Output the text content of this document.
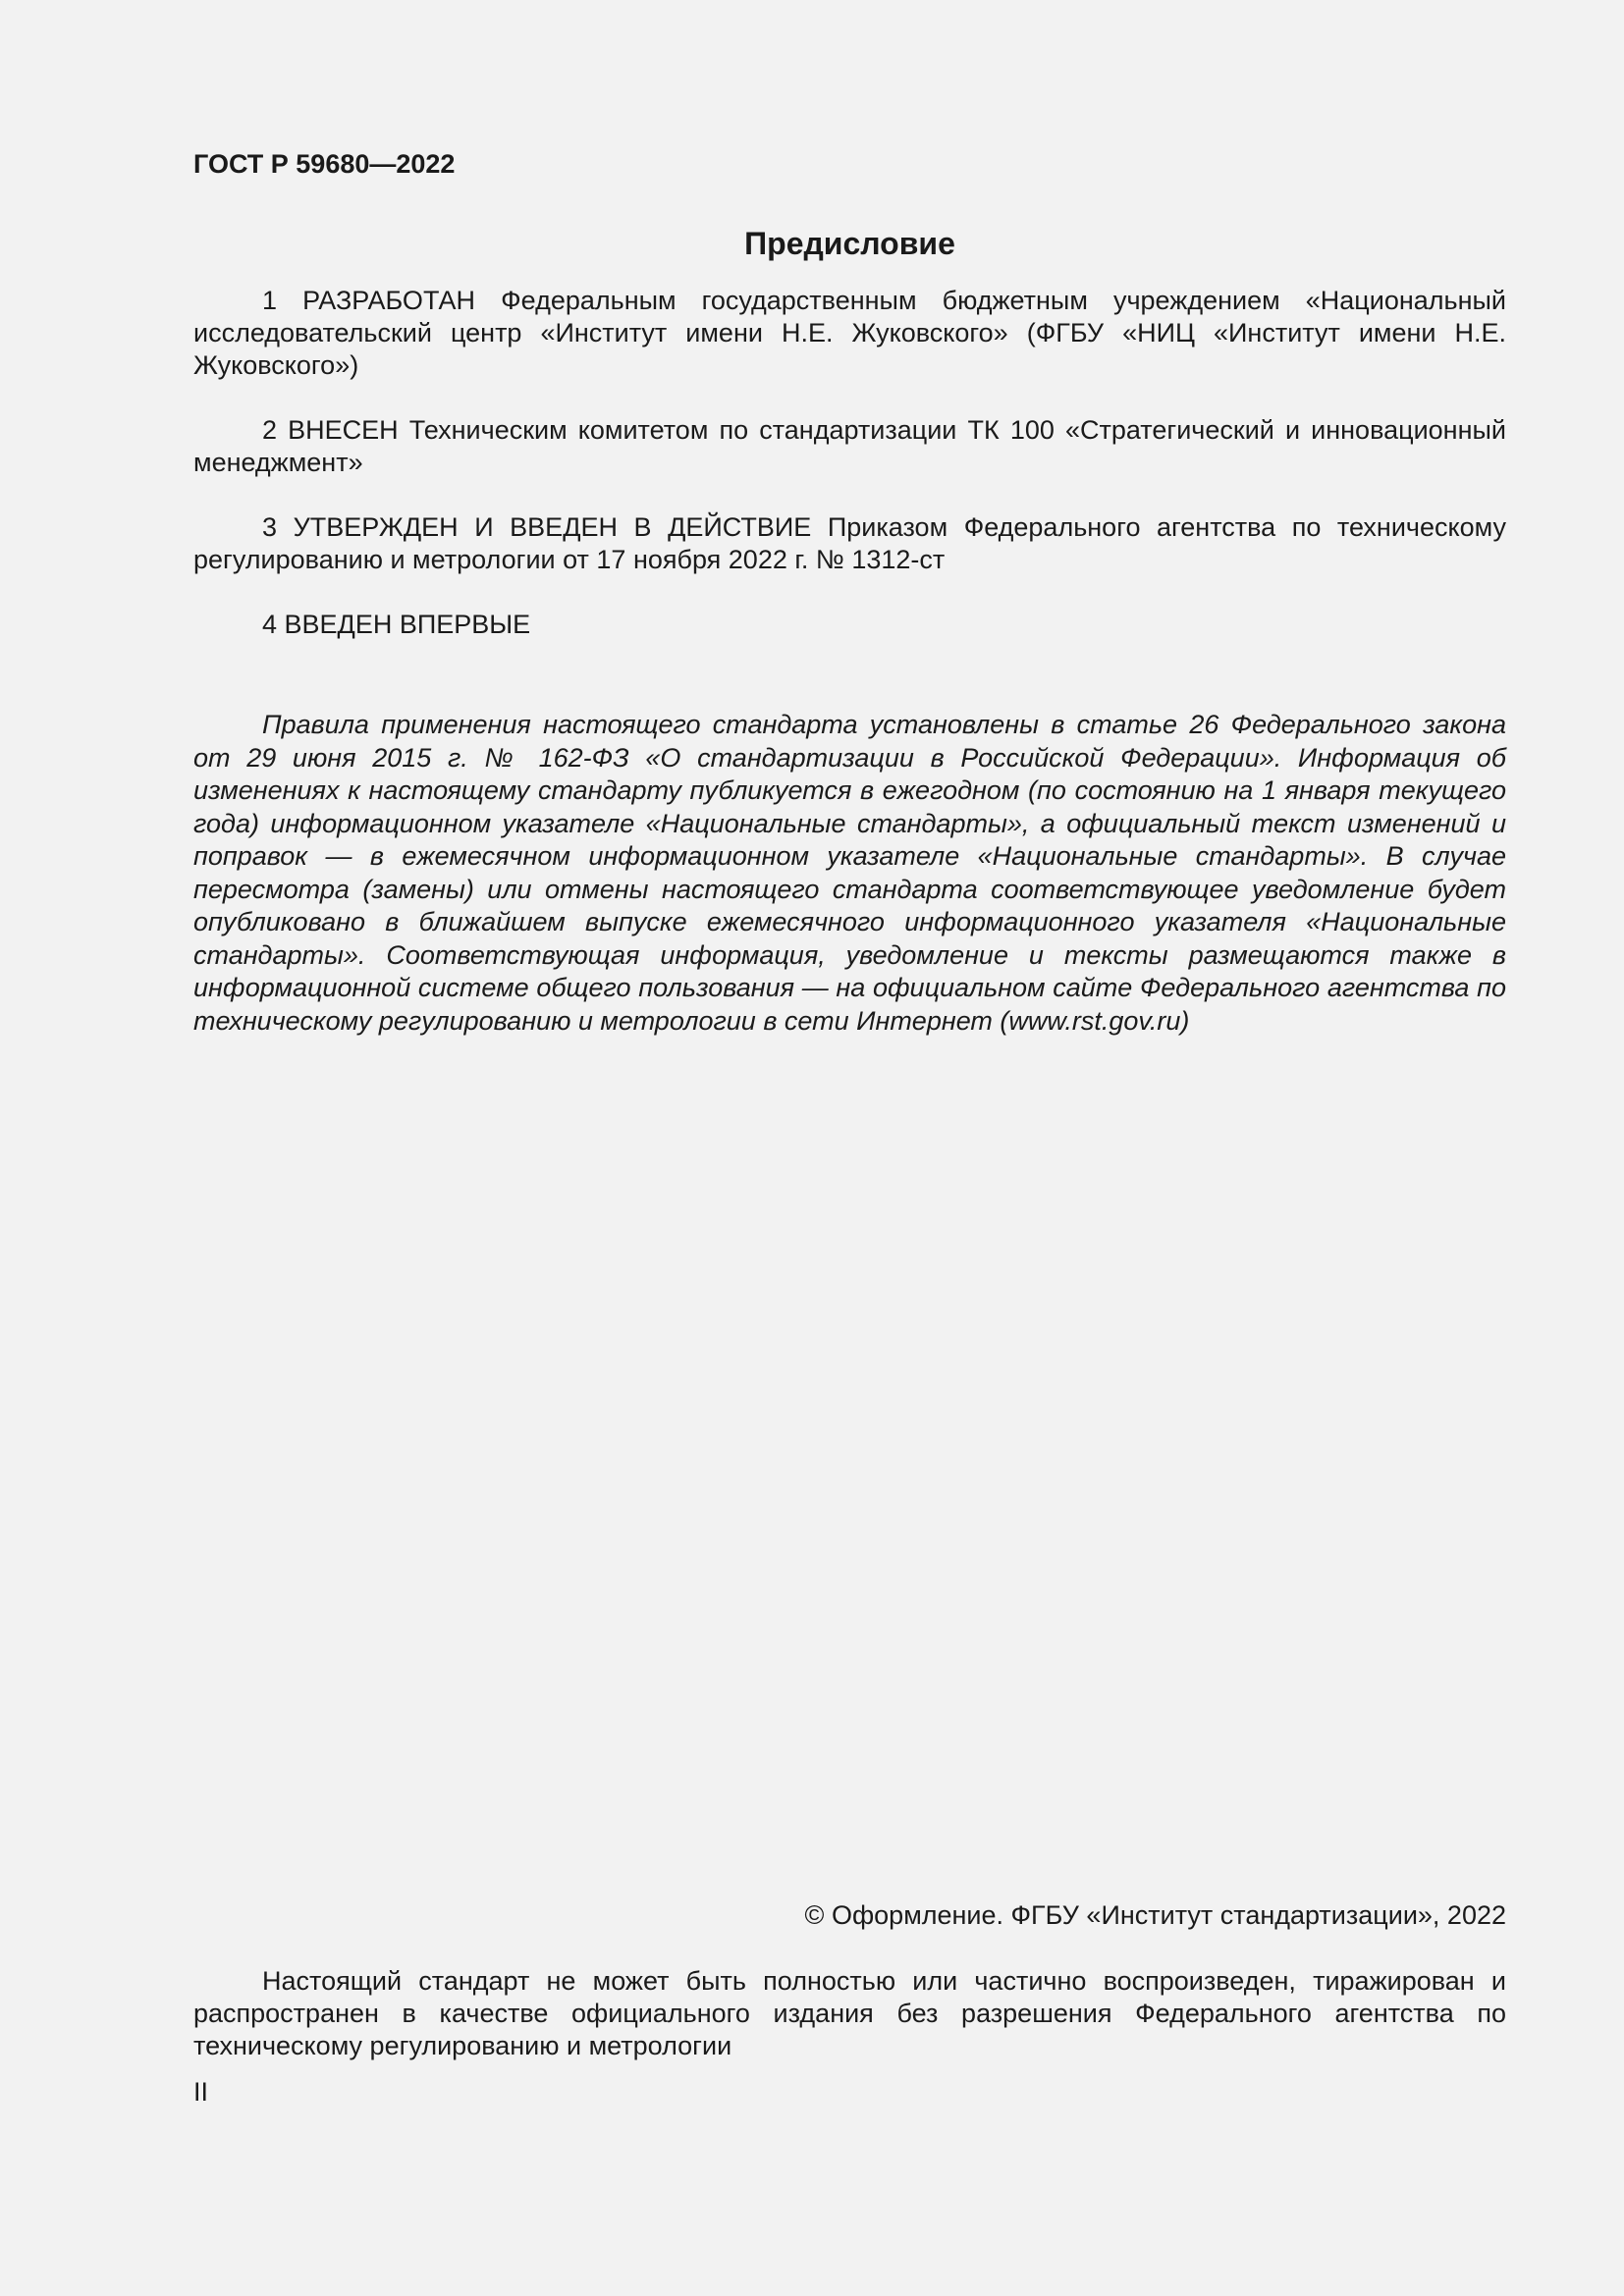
ГОСТ Р 59680—2022
Предисловие

1 РАЗРАБОТАН Федеральным государственным бюджетным учреждением «Национальный исследовательский центр «Институт имени Н.Е. Жуковского» (ФГБУ «НИЦ «Институт имени Н.Е. Жуковского»)

2 ВНЕСЕН Техническим комитетом по стандартизации ТК 100 «Стратегический и инновационный менеджмент»

3 УТВЕРЖДЕН И ВВЕДЕН В ДЕЙСТВИЕ Приказом Федерального агентства по техническому регулированию и метрологии от 17 ноября 2022 г. № 1312-ст

4 ВВЕДЕН ВПЕРВЫЕ

Правила применения настоящего стандарта установлены в статье 26 Федерального закона от 29 июня 2015 г. № 162-ФЗ «О стандартизации в Российской Федерации». Информация об изменениях к настоящему стандарту публикуется в ежегодном (по состоянию на 1 января текущего года) информационном указателе «Национальные стандарты», а официальный текст изменений и поправок — в ежемесячном информационном указателе «Национальные стандарты». В случае пересмотра (замены) или отмены настоящего стандарта соответствующее уведомление будет опубликовано в ближайшем выпуске ежемесячного информационного указателя «Национальные стандарты». Соответствующая информация, уведомление и тексты размещаются также в информационной системе общего пользования — на официальном сайте Федерального агентства по техническому регулированию и метрологии в сети Интернет (www.rst.gov.ru)

© Оформление. ФГБУ «Институт стандартизации», 2022

Настоящий стандарт не может быть полностью или частично воспроизведен, тиражирован и распространен в качестве официального издания без разрешения Федерального агентства по техническому регулированию и метрологии

II
